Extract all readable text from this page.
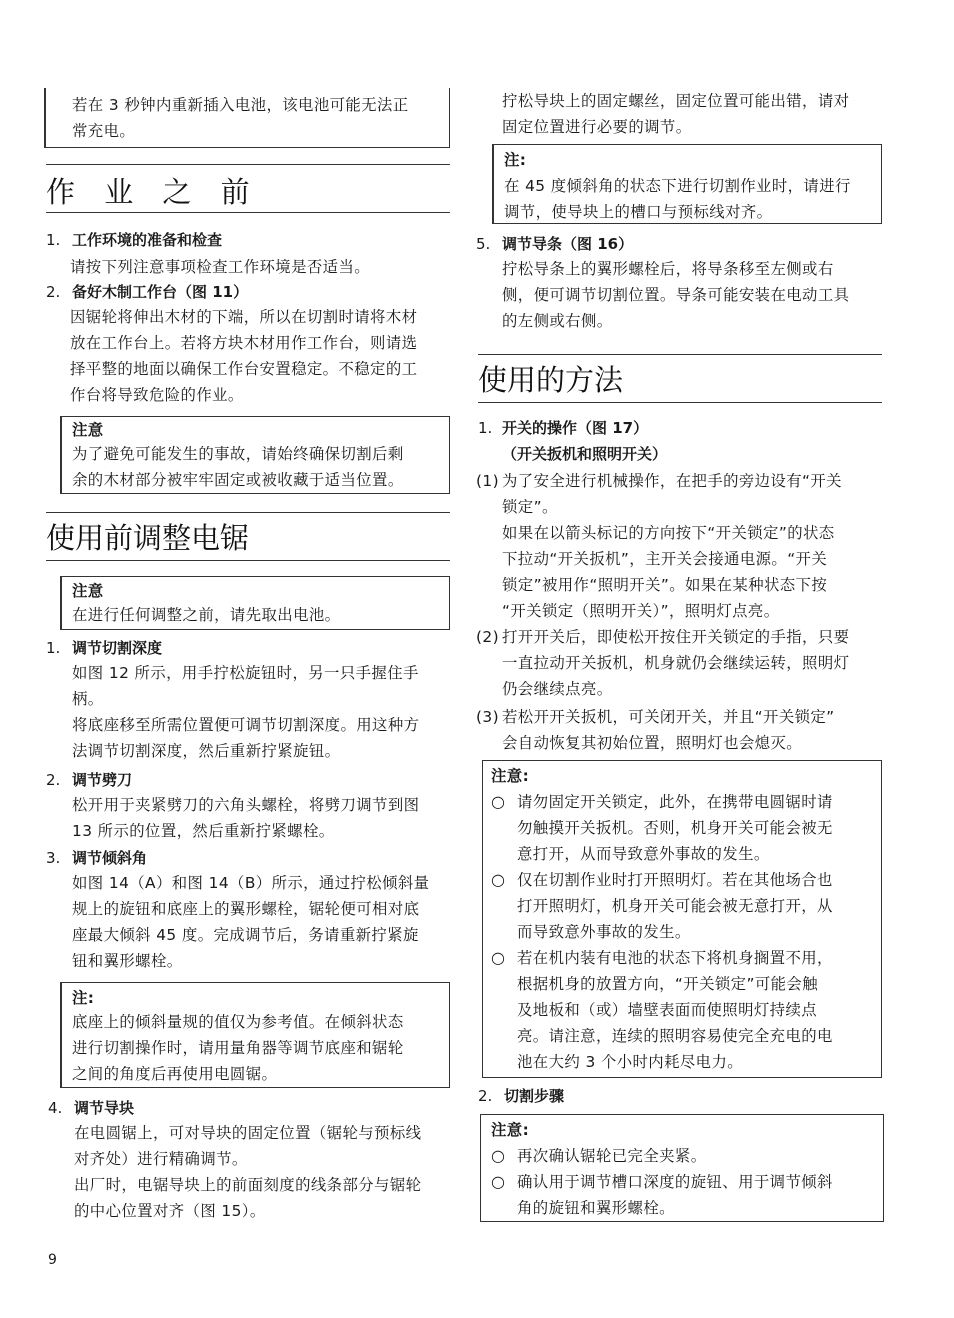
若在 3 秒钟内重新插入电池，该电池可能无法正
常充电。

作 业 之 前
1. 工作环境的准备和检查

请按下列注意事项检查工作环境是否适当。

2. 备好木制工作台（图 11）

因锯轮将伸出木材的下端，所以在切割时请将木材
放在工作台上。若将方块木材用作工作台，则请选
择平整的地面以确保工作台安置稳定。不稳定的工
作台将导致危险的作业。

注意

为了避免可能发生的事故，请始终确保切割后剩
余的木材部分被牢牢固定或被收藏于适当位置。

使用前调整电锯

注意

在进行任何调整之前，请先取出电池。

1. 调节切割深度

如图 12 所示，用手拧松旋钮时，另一只手握住手
柄。
将底座移至所需位置便可调节切割深度。用这种方
法调节切割深度，然后重新拧紧旋钮。

2. 调节劈刀

松开用于夹紧劈刀的六角头螺栓，将劈刀调节到图
13 所示的位置，然后重新拧紧螺栓。

3. 调节倾斜角

如图 14（A）和图 14（B）所示，通过拧松倾斜量
规上的旋钮和底座上的翼形螺栓，锯轮便可相对底
座最大倾斜 45 度。完成调节后，务请重新拧紧旋
钮和翼形螺栓。

注:

底座上的倾斜量规的值仅为参考值。在倾斜状态
进行切割操作时，请用量角器等调节底座和锯轮
之间的角度后再使用电圆锯。

4. 调节导块

在电圆锯上，可对导块的固定位置（锯轮与预标线
对齐处）进行精确调节。
出厂时，电锯导块上的前面刻度的线条部分与锯轮
的中心位置对齐（图 15）。

拧松导块上的固定螺丝，固定位置可能出错，请对
固定位置进行必要的调节。

注:

在 45 度倾斜角的状态下进行切割作业时，请进行
调节，使导块上的槽口与预标线对齐。

5. 调节导条（图 16）

拧松导条上的翼形螺栓后，将导条移至左侧或右
侧，便可调节切割位置。导条可能安装在电动工具
的左侧或右侧。

使用的方法
1. 开关的操作（图 17）
（开关扳机和照明开关）
(1) 为了安全进行机械操作，在把手的旁边设有“开关
锁定”。
如果在以箭头标记的方向按下“开关锁定”的状态
下拉动“开关扳机”，主开关会接通电源。“开关
锁定”被用作“照明开关”。如果在某种状态下按
“开关锁定（照明开关）”，照明灯点亮。

(2) 打开开关后，即使松开按住开关锁定的手指，只要
一直拉动开关扳机，机身就仍会继续运转，照明灯
仍会继续点亮。

(3) 若松开开关扳机，可关闭开关，并且“开关锁定”
会自动恢复其初始位置，照明灯也会熄灭。

注意:

○ 请勿固定开关锁定，此外，在携带电圆锯时请
勿触摸开关扳机。否则，机身开关可能会被无
意打开，从而导致意外事故的发生。

○ 仅在切割作业时打开照明灯。若在其他场合也
打开照明灯，机身开关可能会被无意打开，从
而导致意外事故的发生。

○ 若在机内装有电池的状态下将机身搁置不用，
根据机身的放置方向，“开关锁定”可能会触
及地板和（或）墙壁表面而使照明灯持续点
亮。请注意，连续的照明容易使完全充电的电
池在大约 3 个小时内耗尽电力。

2. 切割步骤

注意:

○ 再次确认锯轮已完全夹紧。

○ 确认用于调节槽口深度的旋钮、用于调节倾斜
角的旋钮和翼形螺栓。

9
